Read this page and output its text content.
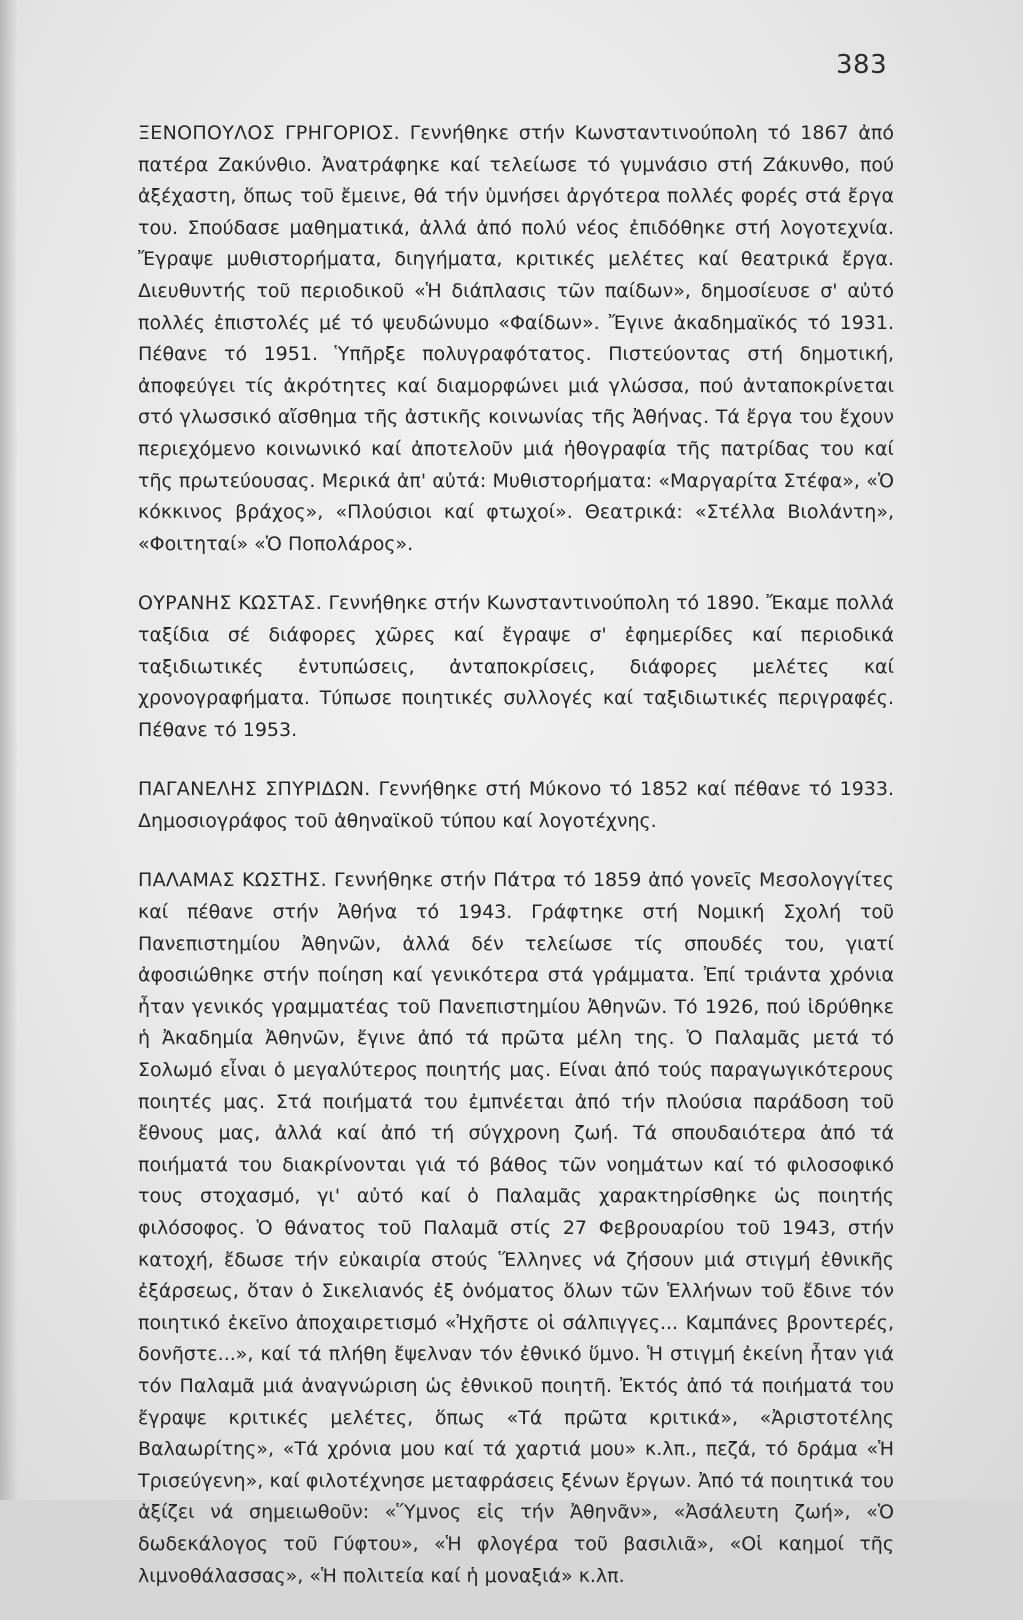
383

ΞΕΝΟΠΟΥΛΟΣ ΓΡΗΓΟΡΙΟΣ. Γεννήθηκε στήν Κωνσταντινούπολη τό 1867 ἀπό πατέρα Ζακύνθιο. Ἀνατράφηκε καί τελείωσε τό γυμνάσιο στή Ζάκυνθο, πού ἀξέχαστη, ὅπως τοῦ ἔμεινε, θά τήν ὑμνήσει ἀργότερα πολλές φορές στά ἔργα του. Σπούδασε μαθηματικά, ἀλλά ἀπό πολύ νέος ἐπιδόθηκε στή λογοτεχνία. Ἔγραψε μυθιστορήματα, διηγήματα, κριτικές μελέτες καί θεατρικά ἔργα. Διευθυντής τοῦ περιοδικοῦ «Ἡ διάπλασις τῶν παίδων», δημοσίευσε σ' αὐτό πολλές ἐπιστολές μέ τό ψευδώνυμο «Φαίδων». Ἔγινε ἀκαδημαϊκός τό 1931. Πέθανε τό 1951. Ὑπῆρξε πολυγραφότατος. Πιστεύοντας στή δημοτική, ἀποφεύγει τίς ἀκρότητες καί διαμορφώνει μιά γλώσσα, πού ἀνταποκρίνεται στό γλωσσικό αἴσθημα τῆς ἀστικῆς κοινωνίας τῆς Ἀθήνας. Τά ἔργα του ἔχουν περιεχόμενο κοινωνικό καί ἀποτελοῦν μιά ἠθογραφία τῆς πατρίδας του καί τῆς πρωτεύουσας. Μερικά ἀπ' αὐτά: Μυθιστορήματα: «Μαργαρίτα Στέφα», «Ὁ κόκκινος βράχος», «Πλούσιοι καί φτωχοί». Θεατρικά: «Στέλλα Βιολάντη», «Φοιτηταί» «Ὁ Ποπολάρος».

ΟΥΡΑΝΗΣ ΚΩΣΤΑΣ. Γεννήθηκε στήν Κωνσταντινούπολη τό 1890. Ἔκαμε πολλά ταξίδια σέ διάφορες χῶρες καί ἔγραψε σ' ἐφημερίδες καί περιοδικά ταξιδιωτικές ἐντυπώσεις, ἀνταποκρίσεις, διάφορες μελέτες καί χρονογραφήματα. Τύπωσε ποιητικές συλλογές καί ταξιδιωτικές περιγραφές. Πέθανε τό 1953.

ΠΑΓΑΝΕΛΗΣ ΣΠΥΡΙΔΩΝ. Γεννήθηκε στή Μύκονο τό 1852 καί πέθανε τό 1933. Δημοσιογράφος τοῦ ἀθηναϊκοῦ τύπου καί λογοτέχνης.

ΠΑΛΑΜΑΣ ΚΩΣΤΗΣ. Γεννήθηκε στήν Πάτρα τό 1859 ἀπό γονεῖς Μεσολογγίτες καί πέθανε στήν Ἀθήνα τό 1943. Γράφτηκε στή Νομική Σχολή τοῦ Πανεπιστημίου Ἀθηνῶν, ἀλλά δέν τελείωσε τίς σπουδές του, γιατί ἀφοσιώθηκε στήν ποίηση καί γενικότερα στά γράμματα. Ἐπί τριάντα χρόνια ἦταν γενικός γραμματέας τοῦ Πανεπιστημίου Ἀθηνῶν. Τό 1926, πού ἱδρύθηκε ἡ Ἀκαδημία Ἀθηνῶν, ἔγινε ἀπό τά πρῶτα μέλη της. Ὁ Παλαμᾶς μετά τό Σολωμό εἶναι ὁ μεγαλύτερος ποιητής μας. Είναι ἀπό τούς παραγωγικότερους ποιητές μας. Στά ποιήματά του ἐμπνέεται ἀπό τήν πλούσια παράδοση τοῦ ἔθνους μας, ἀλλά καί ἀπό τή σύγχρονη ζωή. Τά σπουδαιότερα ἀπό τά ποιήματά του διακρίνονται γιά τό βάθος τῶν νοημάτων καί τό φιλοσοφικό τους στοχασμό, γι' αὐτό καί ὁ Παλαμᾶς χαρακτηρίσθηκε ὡς ποιητής φιλόσοφος. Ὁ θάνατος τοῦ Παλαμᾶ στίς 27 Φεβρουαρίου τοῦ 1943, στήν κατοχή, ἔδωσε τήν εὐκαιρία στούς Ἕλληνες νά ζήσουν μιά στιγμή ἐθνικῆς ἐξάρσεως, ὅταν ὁ Σικελιανός ἐξ ὀνόματος ὅλων τῶν Ἑλλήνων τοῦ ἔδινε τόν ποιητικό ἐκεῖνο ἀποχαιρετισμό «Ἠχῆστε οἱ σάλπιγγες... Καμπάνες βροντερές, δονῆστε...», καί τά πλήθη ἔψελναν τόν ἐθνικό ὕμνο. Ἡ στιγμή ἐκείνη ἦταν γιά τόν Παλαμᾶ μιά ἀναγνώριση ὡς ἐθνικοῦ ποιητῆ. Ἐκτός ἀπό τά ποιήματά του ἔγραψε κριτικές μελέτες, ὅπως «Τά πρῶτα κριτικά», «Ἀριστοτέλης Βαλαωρίτης», «Τά χρόνια μου καί τά χαρτιά μου» κ.λπ., πεζά, τό δράμα «Ἡ Τρισεύγενη», καί φιλοτέχνησε μεταφράσεις ξένων ἔργων. Ἀπό τά ποιητικά του ἀξίζει νά σημειωθοῦν: «Ὕμνος εἰς τήν Ἀθηνᾶν», «Ἀσάλευτη ζωή», «Ὁ δωδεκάλογος τοῦ Γύφτου», «Ἡ φλογέρα τοῦ βασιλιᾶ», «Οἱ καημοί τῆς λιμνοθάλασσας», «Ἡ πολιτεία καί ἡ μοναξιά» κ.λπ.
